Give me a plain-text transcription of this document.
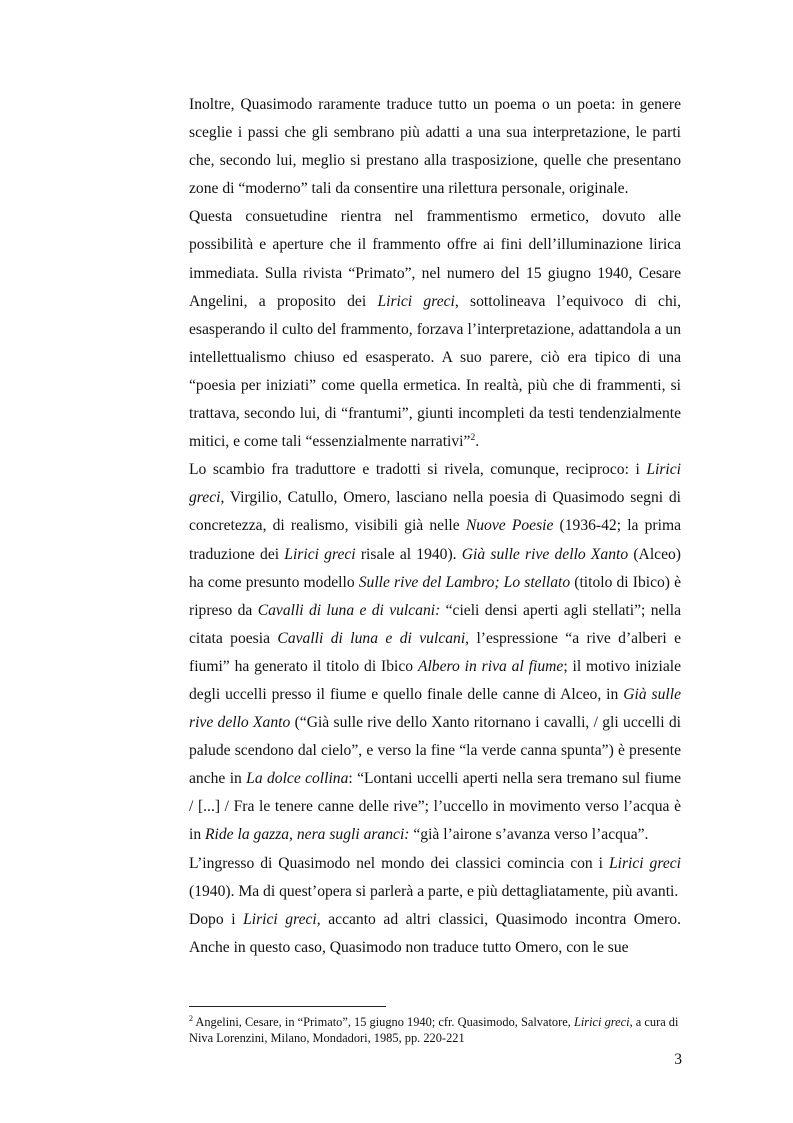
Inoltre, Quasimodo raramente traduce tutto un poema o un poeta: in genere sceglie i passi che gli sembrano più adatti a una sua interpretazione, le parti che, secondo lui, meglio si prestano alla trasposizione, quelle che presentano zone di “moderno” tali da consentire una rilettura personale, originale.

Questa consuetudine rientra nel frammentismo ermetico, dovuto alle possibilità e aperture che il frammento offre ai fini dell’illuminazione lirica immediata. Sulla rivista “Primato”, nel numero del 15 giugno 1940, Cesare Angelini, a proposito dei Lirici greci, sottolineava l’equivoco di chi, esasperando il culto del frammento, forzava l’interpretazione, adattandola a un intellettualismo chiuso ed esasperato. A suo parere, ciò era tipico di una “poesia per iniziati” come quella ermetica. In realtà, più che di frammenti, si trattava, secondo lui, di “frantumi”, giunti incompleti da testi tendenzialmente mitici, e come tali “essenzialmente narrativi”$^2$.

Lo scambio fra traduttore e tradotti si rivela, comunque, reciproco: i Lirici greci, Virgilio, Catullo, Omero, lasciano nella poesia di Quasimodo segni di concretezza, di realismo, visibili già nelle Nuove Poesie (1936-42; la prima traduzione dei Lirici greci risale al 1940). Già sulle rive dello Xanto (Alceo) ha come presunto modello Sulle rive del Lambro; Lo stellato (titolo di Ibico) è ripreso da Cavalli di luna e di vulcani: “cieli densi aperti agli stellati”; nella citata poesia Cavalli di luna e di vulcani, l’espressione “a rive d’alberi e fiumi” ha generato il titolo di Ibico Albero in riva al fiume; il motivo iniziale degli uccelli presso il fiume e quello finale delle canne di Alceo, in Già sulle rive dello Xanto (“Già sulle rive dello Xanto ritornano i cavalli, / gli uccelli di palude scendono dal cielo”, e verso la fine “la verde canna spunta”) è presente anche in La dolce collina: “Lontani uccelli aperti nella sera tremano sul fiume / [...] / Fra le tenere canne delle rive”; l’uccello in movimento verso l’acqua è in Ride la gazza, nera sugli aranci: “già l’airone s’avanza verso l’acqua”.

L’ingresso di Quasimodo nel mondo dei classici comincia con i Lirici greci (1940). Ma di quest’opera si parlerà a parte, e più dettagliatamente, più avanti.

Dopo i Lirici greci, accanto ad altri classici, Quasimodo incontra Omero. Anche in questo caso, Quasimodo non traduce tutto Omero, con le sue

$^2$ Angelini, Cesare, in “Primato”, 15 giugno 1940; cfr. Quasimodo, Salvatore, Lirici greci, a cura di Niva Lorenzini, Milano, Mondadori, 1985, pp. 220-221
3
